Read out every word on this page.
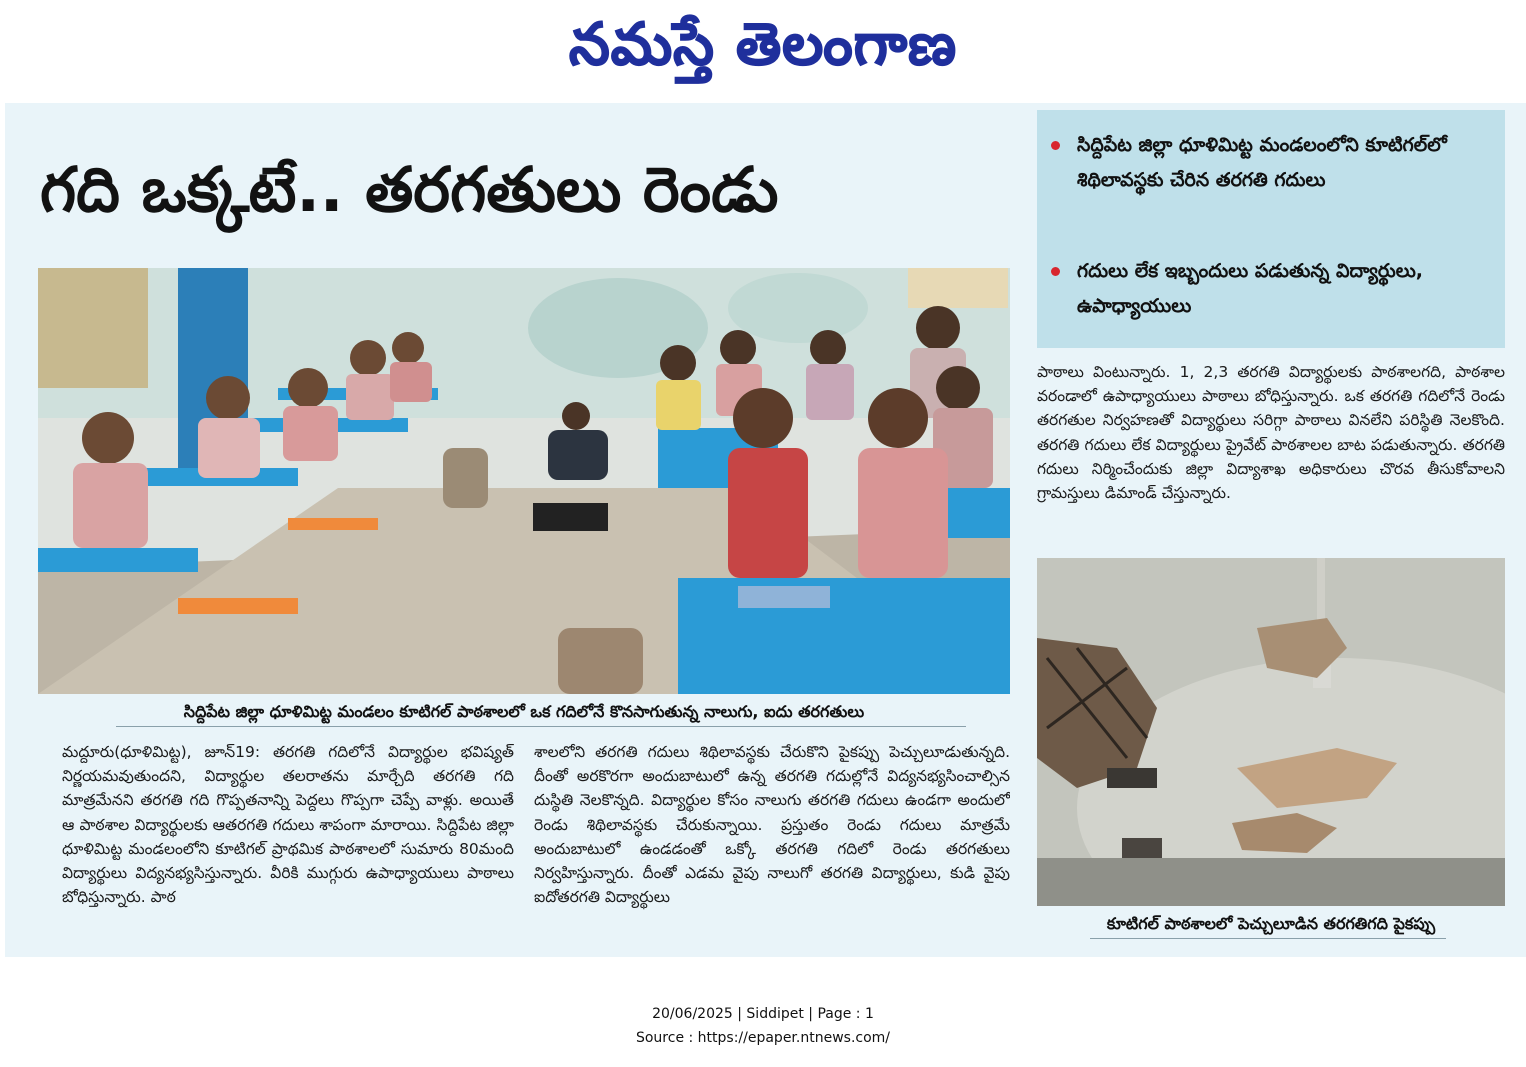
నమస్తే తెలంగాణ
గది ఒక్కటే.. తరగతులు రెండు
సిద్దిపేట జిల్లా ధూళిమిట్ట మండలం కూటిగల్ పాఠశాలలో ఒక గదిలోనే కొనసాగుతున్న నాలుగు, ఐదు తరగతులు

మద్దూరు(ధూళిమిట్ట), జూన్19: తరగతి గదిలోనే విద్యార్థుల భవిష్యత్ నిర్ణయమవుతుందని, విద్యార్థుల తలరాతను మార్చేది తరగతి గది మాత్రమేనని తరగతి గది గొప్పతనాన్ని పెద్దలు గొప్పగా చెప్పే వాళ్లు. అయితే ఆ పాఠశాల విద్యార్థులకు ఆతరగతి గదులు శాపంగా మారాయి. సిద్దిపేట జిల్లా ధూళిమిట్ట మండలంలోని కూటిగల్ ప్రాథమిక పాఠశాలలో సుమారు 80మంది విద్యార్థులు విద్యనభ్యసిస్తున్నారు. వీరికి ముగ్గురు ఉపాధ్యాయులు పాఠాలు బోధిస్తున్నారు. పాఠ

శాలలోని తరగతి గదులు శిథిలావస్థకు చేరుకొని పైకప్పు పెచ్చులూడుతున్నది. దీంతో అరకొరగా అందుబాటులో ఉన్న తరగతి గదుల్లోనే విద్యనభ్యసించాల్సిన దుస్థితి నెలకొన్నది. విద్యార్థుల కోసం నాలుగు తరగతి గదులు ఉండగా అందులో రెండు శిథిలావస్థకు చేరుకున్నాయి. ప్రస్తుతం రెండు గదులు మాత్రమే అందుబాటులో ఉండడంతో ఒక్కో తరగతి గదిలో రెండు తరగతులు నిర్వహిస్తున్నారు. దీంతో ఎడమ వైపు నాలుగో తరగతి విద్యార్థులు, కుడి వైపు ఐదోతరగతి విద్యార్థులు

సిద్దిపేట జిల్లా ధూళిమిట్ట మండలంలోని కూటిగల్‌లో శిథిలావస్థకు చేరిన తరగతి గదులు
గదులు లేక ఇబ్బందులు పడుతున్న విద్యార్థులు, ఉపాధ్యాయులు

పాఠాలు వింటున్నారు. 1, 2,3 తరగతి విద్యార్థులకు పాఠశాలగది, పాఠశాల వరండాలో ఉపాధ్యాయులు పాఠాలు బోధిస్తున్నారు. ఒక తరగతి గదిలోనే రెండు తరగతుల నిర్వహణతో విద్యార్థులు సరిగ్గా పాఠాలు వినలేని పరిస్థితి నెలకొంది. తరగతి గదులు లేక విద్యార్థులు ప్రైవేట్ పాఠశాలల బాట పడుతున్నారు. తరగతి గదులు నిర్మించేందుకు జిల్లా విద్యాశాఖ అధికారులు చొరవ తీసుకోవాలని గ్రామస్తులు డిమాండ్ చేస్తున్నారు.

కూటిగల్ పాఠశాలలో పెచ్చులూడిన తరగతిగది పైకప్పు
20/06/2025 | Siddipet | Page : 1
Source : https://epaper.ntnews.com/
